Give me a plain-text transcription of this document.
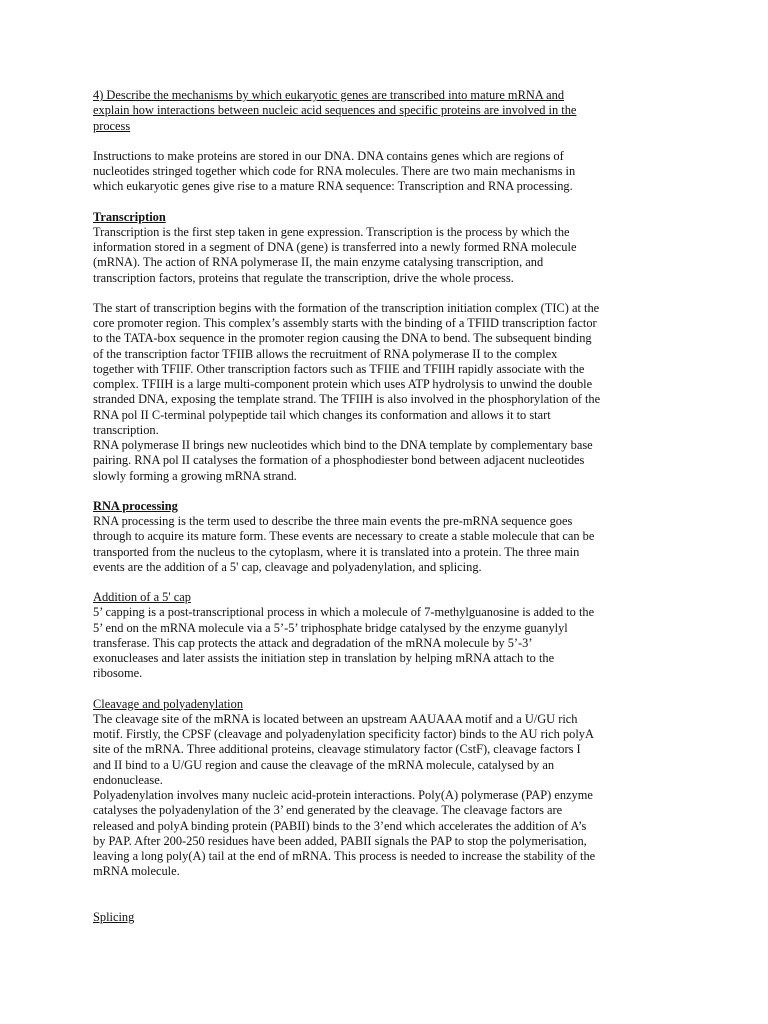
4) Describe the mechanisms by which eukaryotic genes are transcribed into mature mRNA and
explain how interactions between nucleic acid sequences and specific proteins are involved in the
process

Instructions to make proteins are stored in our DNA. DNA contains genes which are regions of
nucleotides stringed together which code for RNA molecules. There are two main mechanisms in
which eukaryotic genes give rise to a mature RNA sequence: Transcription and RNA processing.

Transcription

Transcription is the first step taken in gene expression. Transcription is the process by which the
information stored in a segment of DNA (gene) is transferred into a newly formed RNA molecule
(mRNA). The action of RNA polymerase II, the main enzyme catalysing transcription, and
transcription factors, proteins that regulate the transcription, drive the whole process.

The start of transcription begins with the formation of the transcription initiation complex (TIC) at the
core promoter region. This complex’s assembly starts with the binding of a TFIID transcription factor
to the TATA-box sequence in the promoter region causing the DNA to bend. The subsequent binding
of the transcription factor TFIIB allows the recruitment of RNA polymerase II to the complex
together with TFIIF. Other transcription factors such as TFIIE and TFIIH rapidly associate with the
complex. TFIIH is a large multi-component protein which uses ATP hydrolysis to unwind the double
stranded DNA, exposing the template strand. The TFIIH is also involved in the phosphorylation of the
RNA pol II C-terminal polypeptide tail which changes its conformation and allows it to start
transcription.

RNA polymerase II brings new nucleotides which bind to the DNA template by complementary base
pairing. RNA pol II catalyses the formation of a phosphodiester bond between adjacent nucleotides
slowly forming a growing mRNA strand.

RNA processing

RNA processing is the term used to describe the three main events the pre-mRNA sequence goes
through to acquire its mature form. These events are necessary to create a stable molecule that can be
transported from the nucleus to the cytoplasm, where it is translated into a protein. The three main
events are the addition of a 5' cap, cleavage and polyadenylation, and splicing.

Addition of a 5' cap

5’ capping is a post-transcriptional process in which a molecule of 7-methylguanosine is added to the
5’ end on the mRNA molecule via a 5’-5’ triphosphate bridge catalysed by the enzyme guanylyl
transferase. This cap protects the attack and degradation of the mRNA molecule by 5’-3’
exonucleases and later assists the initiation step in translation by helping mRNA attach to the
ribosome.

Cleavage and polyadenylation

The cleavage site of the mRNA is located between an upstream AAUAAA motif and a U/GU rich
motif. Firstly, the CPSF (cleavage and polyadenylation specificity factor) binds to the AU rich polyA
site of the mRNA. Three additional proteins, cleavage stimulatory factor (CstF), cleavage factors I
and II bind to a U/GU region and cause the cleavage of the mRNA molecule, catalysed by an
endonuclease.

Polyadenylation involves many nucleic acid-protein interactions. Poly(A) polymerase (PAP) enzyme
catalyses the polyadenylation of the 3’ end generated by the cleavage. The cleavage factors are
released and polyA binding protein (PABII) binds to the 3’end which accelerates the addition of A’s
by PAP. After 200-250 residues have been added, PABII signals the PAP to stop the polymerisation,
leaving a long poly(A) tail at the end of mRNA. This process is needed to increase the stability of the
mRNA molecule.

Splicing
